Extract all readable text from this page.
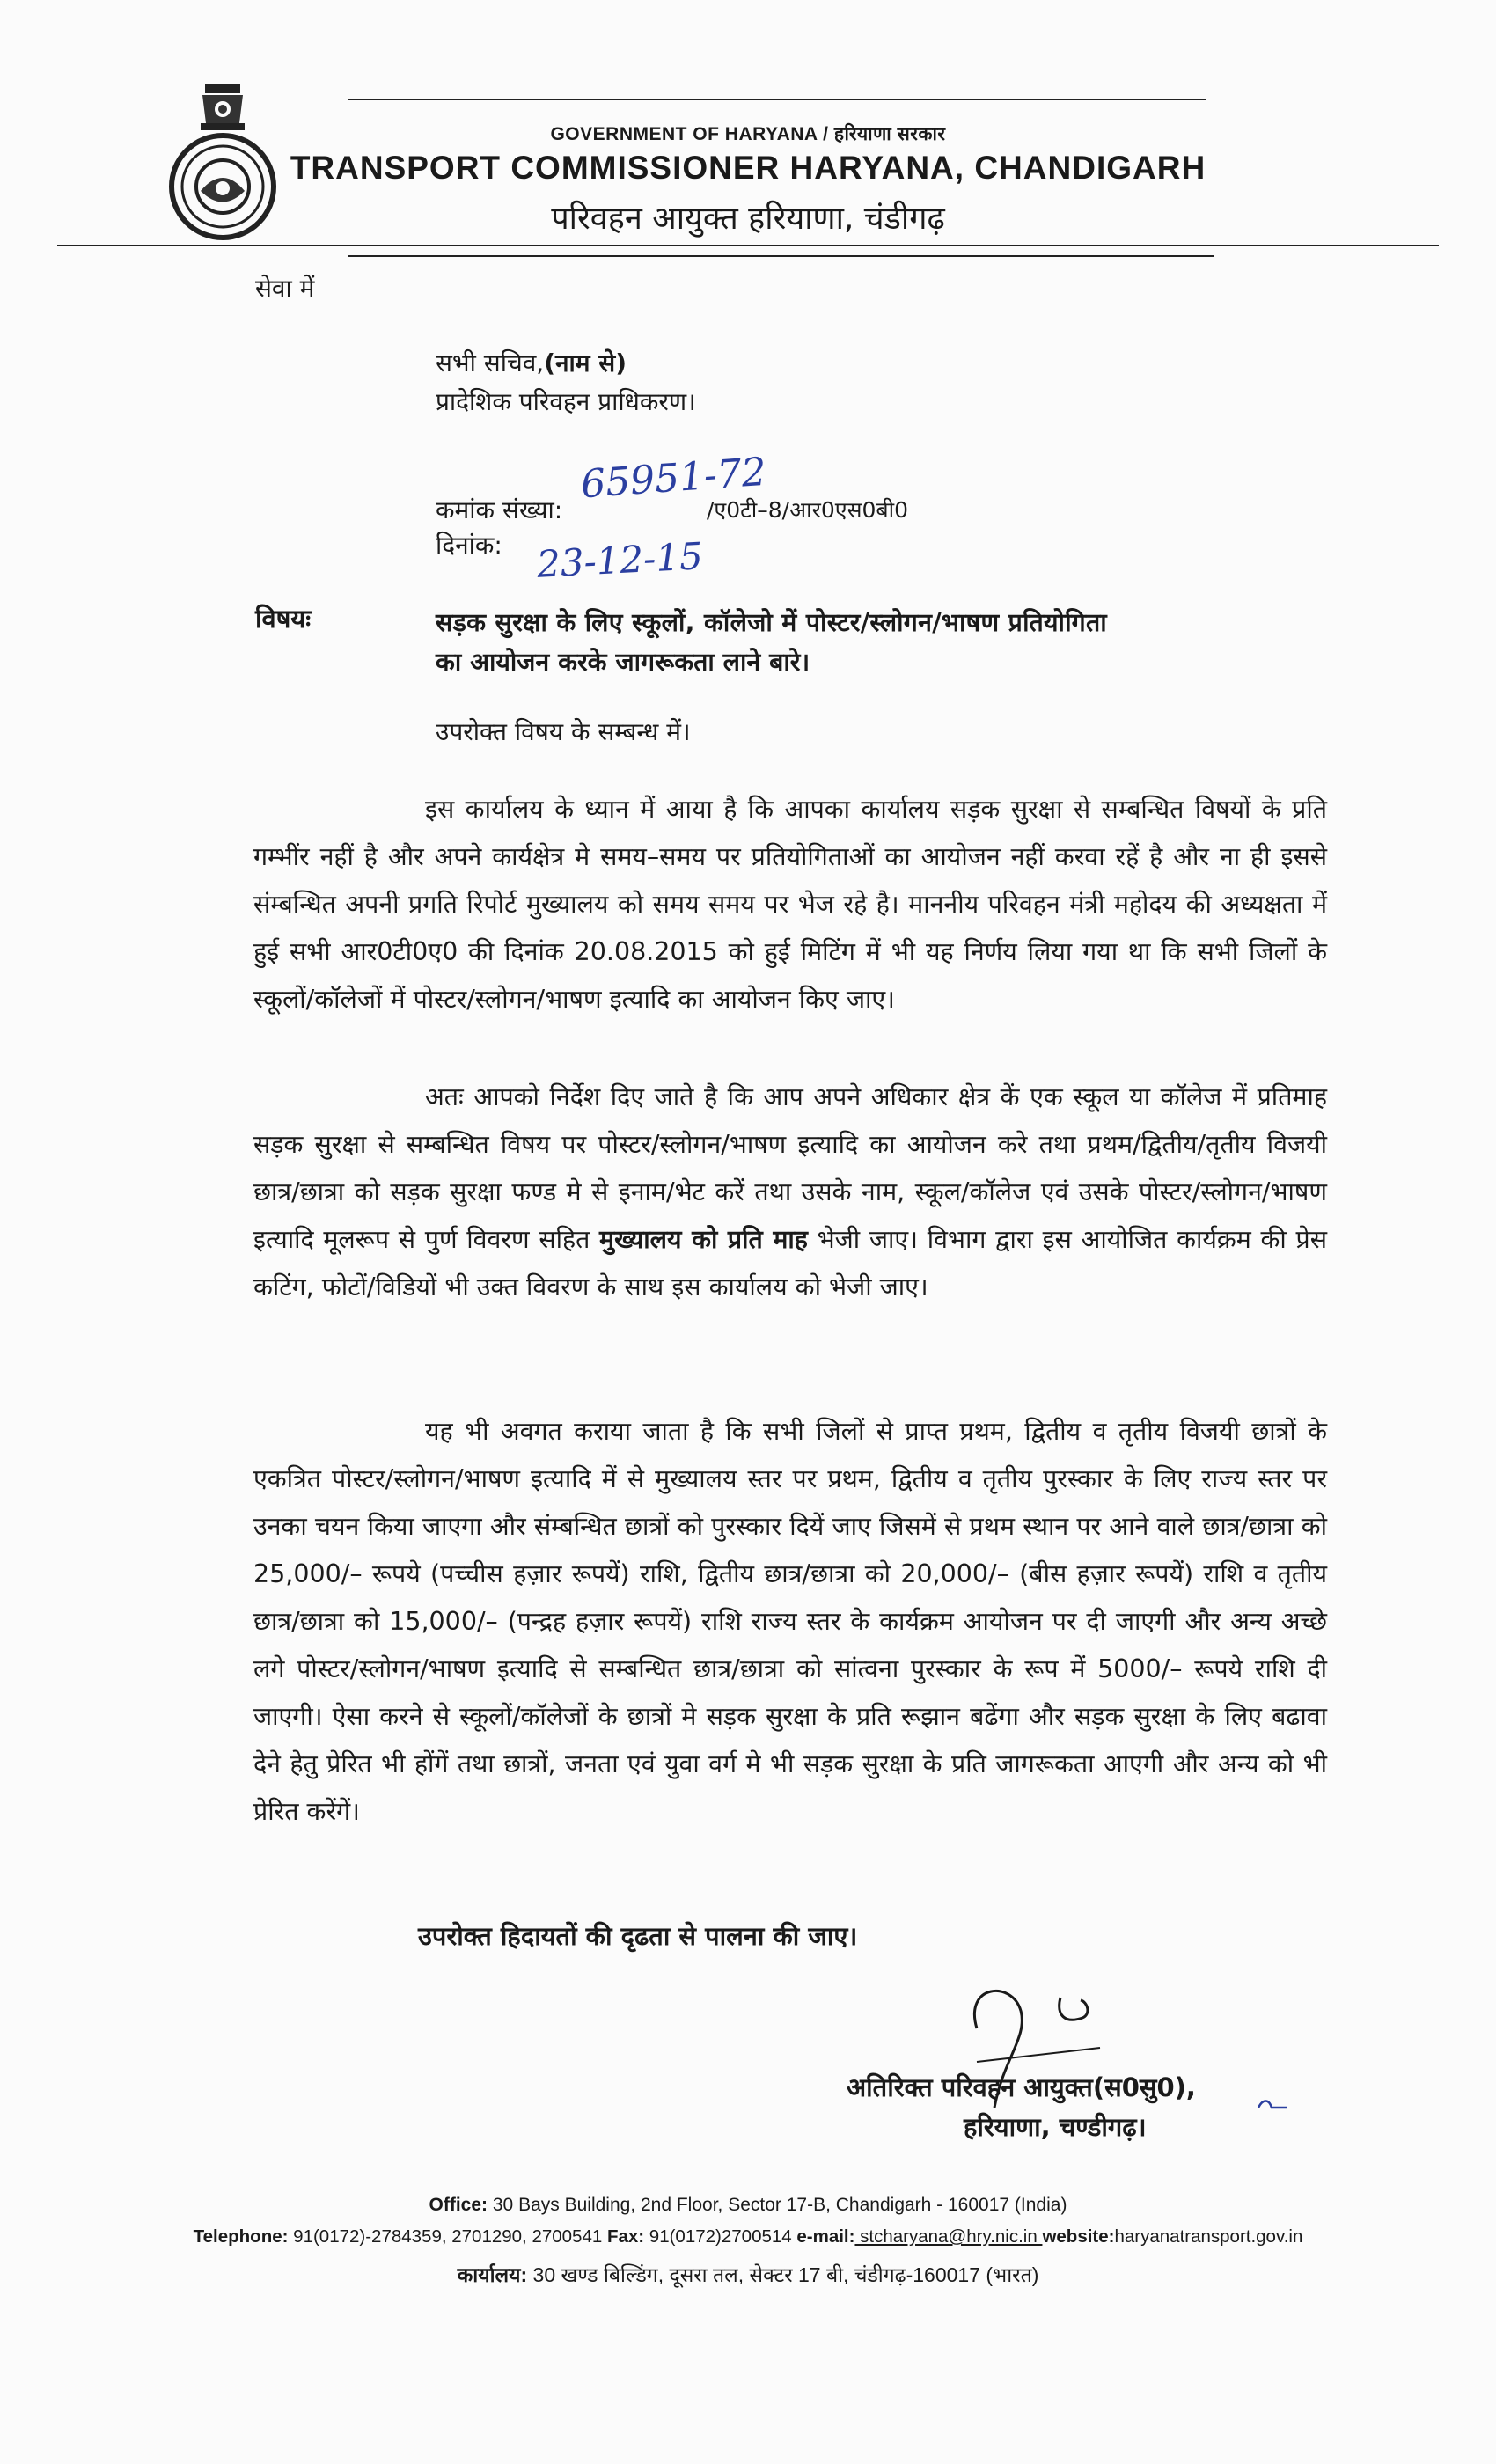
GOVERNMENT OF HARYANA / हरियाणा सरकार
TRANSPORT COMMISSIONER HARYANA, CHANDIGARH
परिवहन आयुक्त हरियाणा, चंडीगढ़
सेवा में
सभी सचिव,(नाम से)
प्रादेशिक परिवहन प्राधिकरण।
कमांक संख्या:
65951-72
/ए0टी–8/आर0एस0बी0
दिनांक: 23-12-15
विषयः	सड़क सुरक्षा के लिए स्कूलों, कॉलेजो में पोस्टर/स्लोगन/भाषण प्रतियोगिता
का आयोजन करके जागरूकता लाने बारे।
उपरोक्त विषय के सम्बन्ध में।
इस कार्यालय के ध्यान में आया है कि आपका कार्यालय सड़क सुरक्षा से सम्बन्धित विषयों के प्रति गम्भींर नहीं है और अपने कार्यक्षेत्र मे समय–समय पर प्रतियोगिताओं का आयोजन नहीं करवा रहें है और ना ही इससे संम्बन्धित अपनी प्रगति रिपोर्ट मुख्यालय को समय समय पर भेज रहे है। माननीय परिवहन मंत्री महोदय की अध्यक्षता में हुई सभी आर0टी0ए0 की दिनांक 20.08.2015 को हुई मिटिंग में भी यह निर्णय लिया गया था कि सभी जिलों के स्कूलों/कॉलेजों में पोस्टर/स्लोगन/भाषण इत्यादि का आयोजन किए जाए।
अतः आपको निर्देश दिए जाते है कि आप अपने अधिकार क्षेत्र कें एक स्कूल या कॉलेज में प्रतिमाह सड़क सुरक्षा से सम्बन्धित विषय पर पोस्टर/स्लोगन/भाषण इत्यादि का आयोजन करे तथा प्रथम/द्वितीय/तृतीय विजयी छात्र/छात्रा को सड़क सुरक्षा फण्ड मे से इनाम/भेट करें तथा उसके नाम, स्कूल/कॉलेज एवं उसके पोस्टर/स्लोगन/भाषण इत्यादि मूलरूप से पुर्ण विवरण सहित मुख्यालय को प्रति माह भेजी जाए। विभाग द्वारा इस आयोजित कार्यक्रम की प्रेस कटिंग, फोटों/विडियों भी उक्त विवरण के साथ इस कार्यालय को भेजी जाए।
यह भी अवगत कराया जाता है कि सभी जिलों से प्राप्त प्रथम, द्वितीय व तृतीय विजयी छात्रों के एकत्रित पोस्टर/स्लोगन/भाषण इत्यादि में से मुख्यालय स्तर पर प्रथम, द्वितीय व तृतीय पुरस्कार के लिए राज्य स्तर पर उनका चयन किया जाएगा और संम्बन्धित छात्रों को पुरस्कार दियें जाए जिसमें से प्रथम स्थान पर आने वाले छात्र/छात्रा को 25,000/– रूपये (पच्चीस हज़ार रूपयें) राशि, द्वितीय छात्र/छात्रा को 20,000/– (बीस हज़ार रूपयें) राशि व तृतीय छात्र/छात्रा को 15,000/– (पन्द्रह हज़ार रूपयें) राशि राज्य स्तर के कार्यक्रम आयोजन पर दी जाएगी और अन्य अच्छे लगे पोस्टर/स्लोगन/भाषण इत्यादि से सम्बन्धित छात्र/छात्रा को सांत्वना पुरस्कार के रूप में 5000/– रूपये राशि दी जाएगी। ऐसा करने से स्कूलों/कॉलेजों के छात्रों मे सड़क सुरक्षा के प्रति रूझान बढेंगा और सड़क सुरक्षा के लिए बढावा देने हेतु प्रेरित भी होंगें तथा छात्रों, जनता एवं युवा वर्ग मे भी सड़क सुरक्षा के प्रति जागरूकता आएगी और अन्य को भी प्रेरित करेंगें।
उपरोक्त हिदायतों की दृढता से पालना की जाए।
अतिरिक्त परिवहन आयुक्त(स0सु0),
हरियाणा, चण्डीगढ़।
Office: 30 Bays Building, 2nd Floor, Sector 17-B, Chandigarh - 160017 (India)
Telephone: 91(0172)-2784359, 2701290, 2700541 Fax: 91(0172)2700514 e-mail: stcharyana@hry.nic.in website:haryanatransport.gov.in
कार्यालय: 30 खण्ड बिल्डिंग, दूसरा तल, सेक्टर 17 बी, चंडीगढ़-160017 (भारत)
